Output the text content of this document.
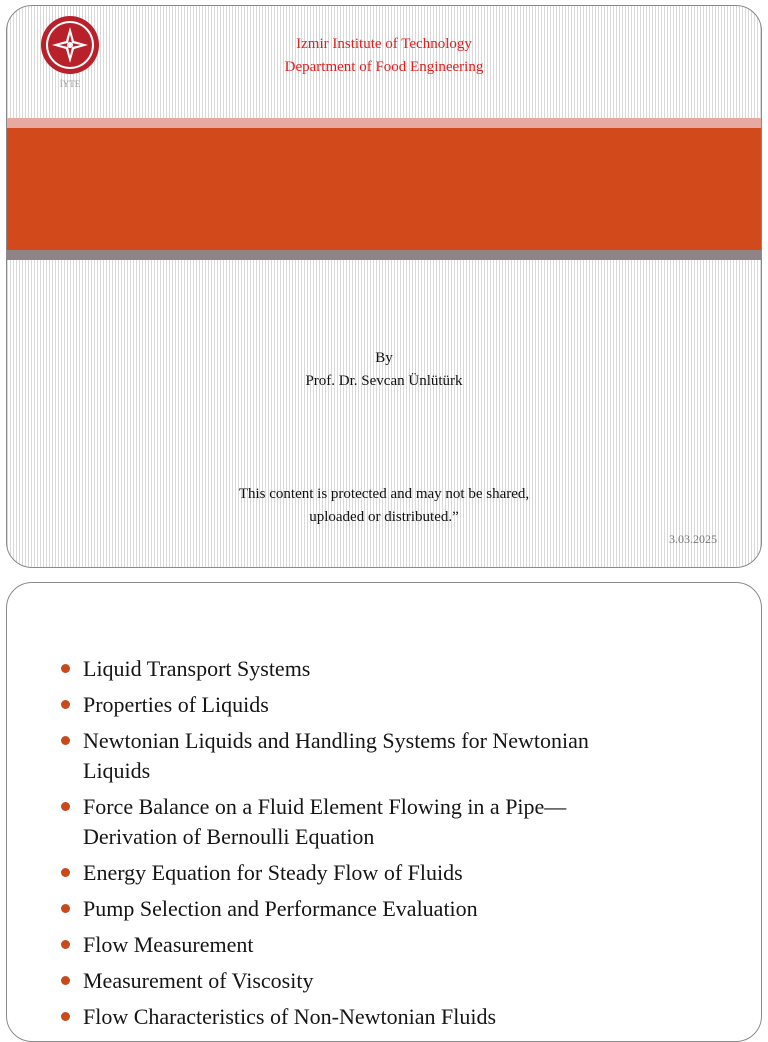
İYTE
Izmir Institute of Technology
Department of Food Engineering
By
Prof. Dr. Sevcan Ünlütürk
This content is protected and may not be shared,
uploaded or distributed.”
3.03.2025
Liquid Transport Systems
Properties of Liquids
Newtonian Liquids and Handling Systems for Newtonian
Liquids
Force Balance on a Fluid Element Flowing in a Pipe—
Derivation of Bernoulli Equation
Energy Equation for Steady Flow of Fluids
Pump Selection and Performance Evaluation
Flow Measurement
Measurement of Viscosity
Flow Characteristics of Non-Newtonian Fluids
